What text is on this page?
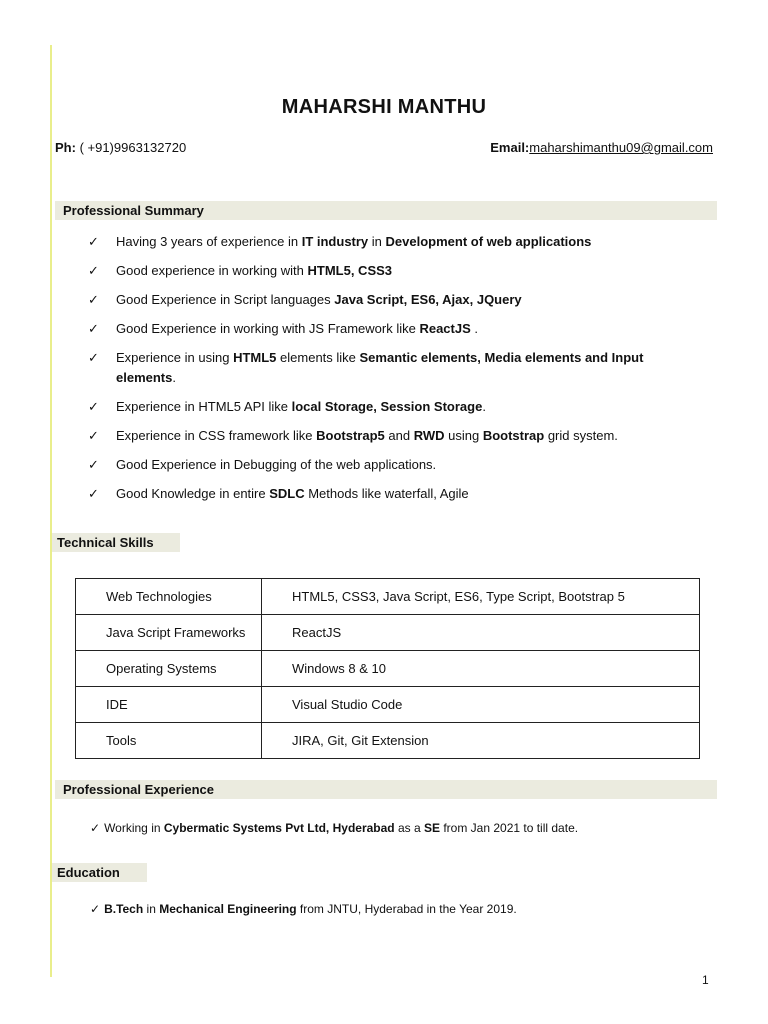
MAHARSHI MANTHU
Ph: ( +91)9963132720	Email:maharshimanthu09@gmail.com
Professional Summary
✓ Having 3 years of experience in IT industry in Development of web applications
✓ Good experience in working with HTML5, CSS3
✓ Good Experience in Script languages Java Script, ES6, Ajax, JQuery
✓ Good Experience in working with JS Framework like ReactJS .
✓ Experience in using HTML5 elements like Semantic elements, Media elements and Input elements.
✓ Experience in HTML5 API like local Storage, Session Storage.
✓ Experience in CSS framework like Bootstrap5 and RWD using Bootstrap grid system.
✓ Good Experience in Debugging of the web applications.
✓ Good Knowledge in entire SDLC Methods like waterfall, Agile
Technical Skills
Web Technologies	HTML5, CSS3, Java Script, ES6, Type Script, Bootstrap 5
Java Script Frameworks	ReactJS
Operating Systems	Windows 8 & 10
IDE	Visual Studio Code
Tools	JIRA, Git, Git Extension
Professional Experience
✓ Working in Cybermatic Systems Pvt Ltd, Hyderabad as a SE from Jan 2021 to till date.
Education
✓ B.Tech in Mechanical Engineering from JNTU, Hyderabad in the Year 2019.
1
